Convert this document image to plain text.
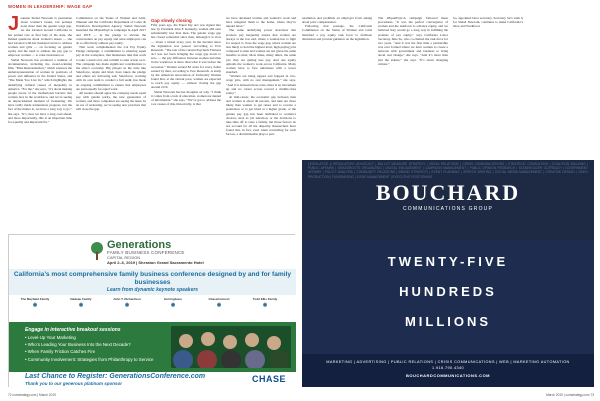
WOMEN IN LEADERSHIP: WAGE GAP
J eanette Siebel Newsom is passionate about women’s issues, but perhaps none more than the gender wage gap. As she traveled around California in her partner role as first lady of the state, she fielded questions about women’s issues — she had traveled with her husband Gavin to address women and girls — on focusing on gender equity and the need to address the pay gap to empower women — to raise awareness on

Siebel Newsom has produced a number of documentaries, including the award-winning film, “Miss Representation,” which explores the underrepresentation of women in positions of power and influence in the United States, and “The Mask You Live In,” which highlights the underlying cultural causes of inequality in America. “For me,” she says, “it’s about making people aware of the institutional barriers that women face in the workforce, and we’re seeing an unprecedented moment of awakening. We have really made tremendous progress, but the fact of the matter is, we have a long way to go,” she says. “It’s clear we have a long road ahead, and more importantly, this is an important time for equality and important fix.”

Commission on the Status of Women and Girls, Thuesen and the California Department of Labor & Workforce Development Agency, Siebel Newsom launched the #EqualPayCA campaign in April 2017 and 2018 — in the pledge to elevate the conversation on pay equity and what employers can do to effectively address pay equity.

That work complemented the CA Pay Equity Pledge campaign, a commitment to ensuring equal pay in the workplace, that businesses take that work to take a stand on it and commit to take action on it. The campaign has made significant contributions to the state’s economy. Big players in the state like Salesforce, Apple and Intel, have taken the pledge and others are following suit. Salesforce, working with its own team to conduct a full audit, has made an ongoing commitment to ensure that employees are paid equally for equal work.

All leaders should agree the company needs equal pay with gender parity, the new generation of women, and more companies are seeing the issue. In an era of reckoning, we’re seeing new practices that will close the gap.

Gap slowly closing

Fifty years ago, the Equal Pay Act was signed into law by President John F. Kennedy, women still earn substantially less than men. The gender wage gap has closed somewhat since then, although it is slow — about a nickel every year. In the decades since the legislation was passed. According to Pew Research, “The rate of the current Paycheck Fairness Act was not been bringing the wage gap down to zero — the pay difference between women and men in the workforce is more than what it was before the recession.” Women earned 82 cents for every dollar earned by men, according to Pew Research. A study by the American Association of University Women found that, at the current pace, women are expected to reach pay equity — without closing the gap around 2119.

Siebel Newsom has her thoughts on why. “I think it comes from a lack of education, women are denied of information,” she says. “We’ve got to address the root causes of this, historically, is that

we have devalued women and women’s work and have relegated them to the home, where they’re unpaid labor.”

The same underlying power structures that produce pay inequality ensure that women are always at the low end, where a woman has to fight for respect to close the wage gap, where women are less likely to hold the highest level, high-paying jobs compared to men and women are not given the same benefits as men. Most times, many times, the same job, they are getting less pay. And one equity upholds the women’s work across California. Many women have to face unfairness with a lower standard.

“Women are being tapped and trapped in low-wage jobs, with no real management,” she says. “And it is between those roles, there is no movement up and no career access toward a middle-class salary.”

At mid-career, the economic gap between men and women is about 40 percent, and men are more likely than women to get raises and to receive a promotion or to get hired at a higher grade, or the gender pay gap has been attributed to women’s choices, such as job selection, or the decisions to take time off to raise a family, but those factors do not account for all the disparity. Researchers have found that, in fact, even when controlling for such factors, a discrimination plays a part.

retaliation and prohibits an employer from asking about prior compensation.

Following that passage, the California Commission on the Status of Women and Girls launched a pay equity task force to facilitate discussion and provide guidance on the legislation.

The #EqualPayCA campaign followed these procedures. “It was the perfect convergence of women and the taskforce to advance equity, and we believed they would go a long way in fulfilling the promise of pay equity,” says California Labor Secretary Julie Su, who co-chaired the task force for two years. “And it was the first time a partnership was ever formed where we have women to create a network with government and business to bring about real change,” she says. “And it’s more than just the statute,” she says. “It’s about changing culture.”

So, appointed labor secretary, Secretary Su’s wish is for Siebel Newsom, continues to make California’s labor and Workforce

Generations
FAMILY BUSINESS CONFERENCE
CAPITAL REGION
April 2–6, 2019 | Sheraton Grand Sacramento Hotel
California’s most comprehensive family business conference designed by and for family businesses
Learn from dynamic keynote speakers
The Mayfield Family
◉
Nadeau Family
◉
John T. Richardson
◉
Herringbone
◉
ChaseConnect
◉
Todd Ellis Family
◉
Engage in interactive breakout sessions
• Level-Up Your Marketing
• Who’s Leading Your Business Into the Next Decade?
• When Family Friction Catches Fire
• Community Involvement: Strategies from Philanthropy to Service
Last Chance to Register: GenerationsConference.com	CHASE
Thank you to our generous platinum sponsor

LEGISLATIVE & REGULATORY ADVOCACY | BALLOT MEASURE STRATEGY | MEDIA RELATIONS | CRISIS COMMUNICATIONS | STRATEGIC CONSULTING | COALITION BUILDING | PUBLIC AFFAIRS | GRASSROOTS ORGANIZING | DIGITAL ENGAGEMENT | CAMPAIGN MANAGEMENT | PUBLIC OPINION RESEARCH | STAKEHOLDER OUTREACH | GOVERNMENT AFFAIRS | POLICY ANALYSIS | COMMUNITY RELATIONS | BRAND STRATEGY | EVENT PLANNING | SPEECH WRITING | SOCIAL MEDIA MANAGEMENT | CREATIVE DESIGN | VIDEO PRODUCTION | FUNDRAISING | ISSUE MANAGEMENT | EXECUTIVE POSITIONING

BOUCHARD
COMMUNICATIONS GROUP
TWENTY-FIVE
HUNDREDS
MILLIONS
MARKETING | ADVERTISING | PUBLIC RELATIONS | CRISIS COMMUNICATIONS | WEB | MARKETING AUTOMATION
1.916.790.4340
BOUCHARDCOMMUNICATIONS.COM
72 comstrategy.com | March 2019	March 2019 | comstrategy.com 73
